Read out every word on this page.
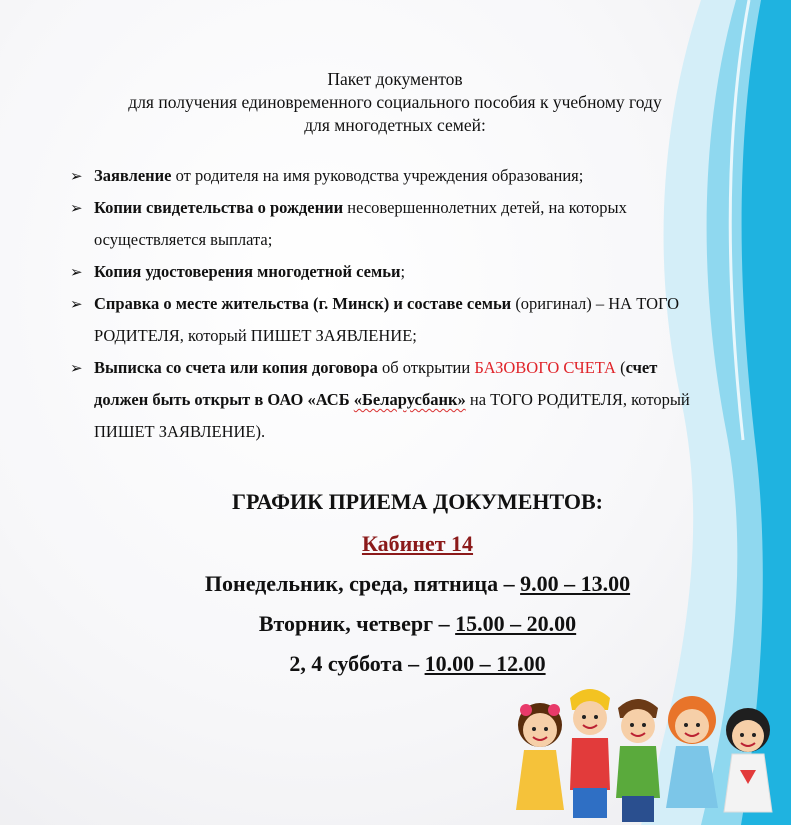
Пакет документов
для получения единовременного социального пособия к учебному году
для многодетных семей:
➢ Заявление от родителя на имя руководства учреждения образования;
➢ Копии свидетельства о рождении несовершеннолетних детей, на которых осуществляется выплата;
➢ Копия удостоверения многодетной семьи;
➢ Справка о месте жительства (г. Минск) и составе семьи (оригинал) – НА ТОГО РОДИТЕЛЯ, который ПИШЕТ ЗАЯВЛЕНИЕ;
➢ Выписка со счета или копия договора об открытии БАЗОВОГО СЧЕТА (счет должен быть открыт в ОАО «АСБ «Беларусбанк» на ТОГО РОДИТЕЛЯ, который ПИШЕТ ЗАЯВЛЕНИЕ).
ГРАФИК ПРИЕМА ДОКУМЕНТОВ:
Кабинет 14
Понедельник, среда, пятница – 9.00 – 13.00
Вторник, четверг – 15.00 – 20.00
2, 4 суббота – 10.00 – 12.00
